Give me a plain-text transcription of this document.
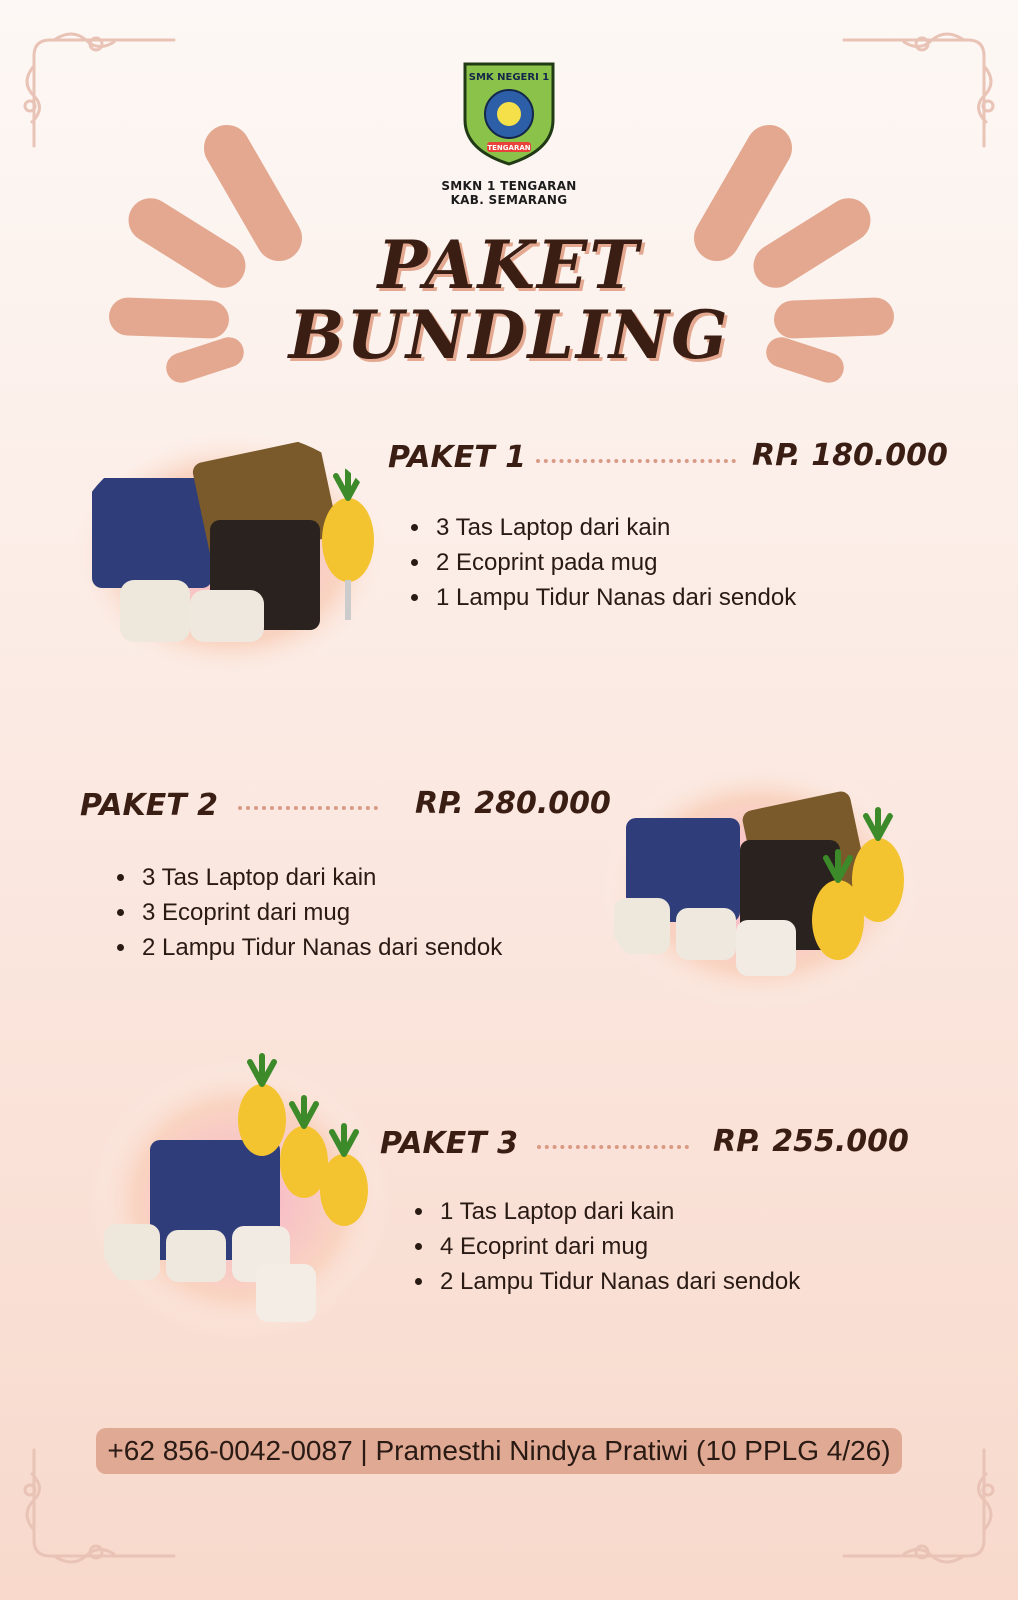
SMK NEGERI 1
TENGARAN
SMKN 1 TENGARAN
KAB. SEMARANG
PAKET
BUNDLING
PAKET 1	RP. 180.000
• 3 Tas Laptop dari kain
• 2 Ecoprint pada mug
• 1 Lampu Tidur Nanas dari sendok
PAKET 2	RP. 280.000
• 3 Tas Laptop dari kain
• 3 Ecoprint dari mug
• 2 Lampu Tidur Nanas dari sendok
PAKET 3	RP. 255.000
• 1 Tas Laptop dari kain
• 4 Ecoprint dari mug
• 2 Lampu Tidur Nanas dari sendok
+62 856-0042-0087 | Pramesthi Nindya Pratiwi (10 PPLG 4/26)
